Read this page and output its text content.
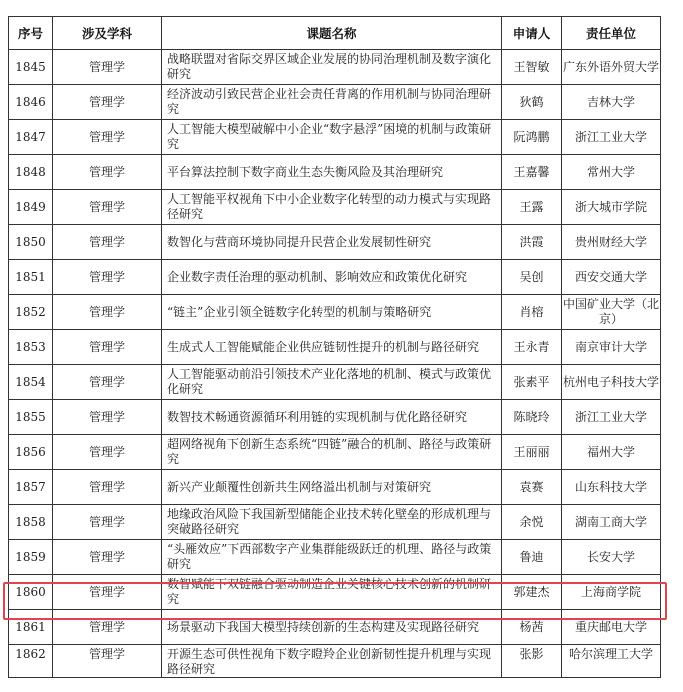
序号	涉及学科	课题名称	申请人	责任单位
1845	管理学	战略联盟对省际交界区域企业发展的协同治理机制及数字演化研究	王智敏	广东外语外贸大学
1846	管理学	经济波动引致民营企业社会责任背离的作用机制与协同治理研究	狄鹤	吉林大学
1847	管理学	人工智能大模型破解中小企业“数字悬浮”困境的机制与政策研究	阮鸿鹏	浙江工业大学
1848	管理学	平台算法控制下数字商业生态失衡风险及其治理研究	王嘉馨	常州大学
1849	管理学	人工智能平权视角下中小企业数字化转型的动力模式与实现路径研究	王露	浙大城市学院
1850	管理学	数智化与营商环境协同提升民营企业发展韧性研究	洪霞	贵州财经大学
1851	管理学	企业数字责任治理的驱动机制、影响效应和政策优化研究	吴创	西安交通大学
1852	管理学	“链主”企业引领全链数字化转型的机制与策略研究	肖榕	中国矿业大学（北京）
1853	管理学	生成式人工智能赋能企业供应链韧性提升的机制与路径研究	王永青	南京审计大学
1854	管理学	人工智能驱动前沿引领技术产业化落地的机制、模式与政策优化研究	张素平	杭州电子科技大学
1855	管理学	数智技术畅通资源循环利用链的实现机制与优化路径研究	陈晓玲	浙江工业大学
1856	管理学	超网络视角下创新生态系统“四链”融合的机制、路径与政策研究	王丽丽	福州大学
1857	管理学	新兴产业颠覆性创新共生网络溢出机制与对策研究	袁赛	山东科技大学
1858	管理学	地缘政治风险下我国新型储能企业技术转化壁垒的形成机理与突破路径研究	余悦	湖南工商大学
1859	管理学	“头雁效应”下西部数字产业集群能级跃迁的机理、路径与政策研究	鲁迪	长安大学
1860	管理学	数智赋能下双链融合驱动制造企业关键核心技术创新的机制研究	郭建杰	上海商学院
1861	管理学	场景驱动下我国大模型持续创新的生态构建及实现路径研究	杨茜	重庆邮电大学
1862	管理学	开源生态可供性视角下数字瞪羚企业创新韧性提升机理与实现路径研究	张影	哈尔滨理工大学
